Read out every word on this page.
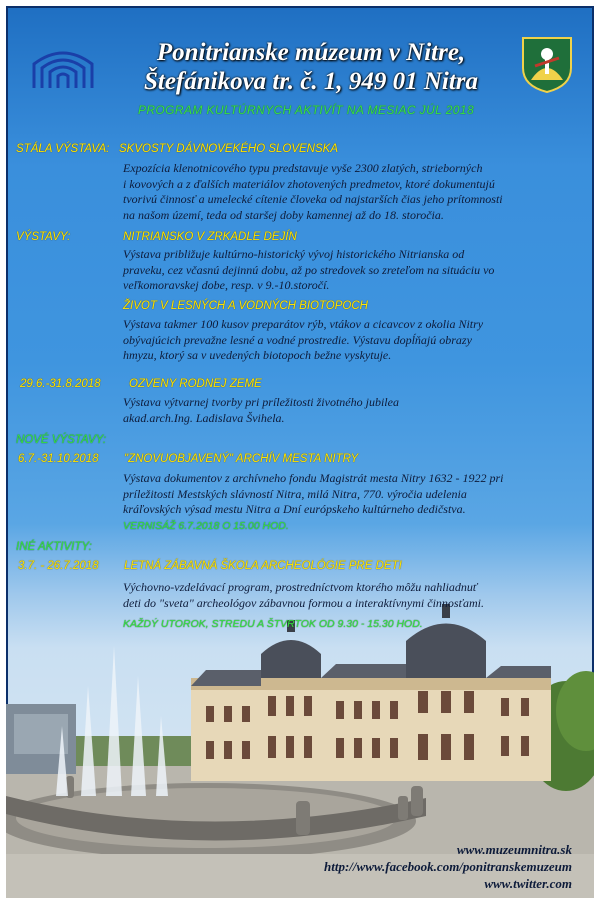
Ponitrianske múzeum v Nitre,
Štefánikova tr. č. 1, 949 01 Nitra
PROGRAM KULTÚRNYCH AKTIVÍT NA MESIAC JÚL 2018
STÁLA VÝSTAVA: SKVOSTY DÁVNOVEKÉHO SLOVENSKA
Expozícia klenotnicového typu predstavuje vyše 2300 zlatých, strieborných
i kovových a z ďalších materiálov zhotovených predmetov, ktoré dokumentujú
tvorivú činnosť a umelecké cítenie človeka od najstarších čias jeho prítomnosti
na našom území, teda od staršej doby kamennej až do 18. storočia.
VÝSTAVY:	NITRIANSKO V ZRKADLE DEJÍN
Výstava približuje kultúrno-historický vývoj historického Nitrianska od
praveku, cez včasnú dejinnú dobu, až po stredovek so zreteľom na situáciu vo
veľkomoravskej dobe, resp. v 9.-10.storočí.
ŽIVOT V LESNÝCH A VODNÝCH BIOTOPOCH
Výstava takmer 100 kusov preparátov rýb, vtákov a cicavcov z okolia Nitry
obývajúcich prevažne lesné a vodné prostredie. Výstavu dopĺňajú obrazy
hmyzu, ktorý sa v uvedených biotopoch bežne vyskytuje.
29.6.-31.8.2018 OZVENY RODNEJ ZEME
Výstava výtvarnej tvorby pri príležitosti životného jubilea
akad.arch.Ing. Ladislava Švihela.
NOVÉ VÝSTAVY:
6.7.-31.10.2018 "ZNOVUOBJAVENÝ" ARCHÍV MESTA NITRY
Výstava dokumentov z archívneho fondu Magistrát mesta Nitry 1632 - 1922 pri
príležitosti Mestských slávností Nitra, milá Nitra, 770. výročia udelenia
kráľovských výsad mestu Nitra a Dní európskeho kultúrneho dedičstva.
VERNISÁŽ 6.7.2018 O 15.00 HOD.
INÉ AKTIVITY:
3.7. - 26.7.2018 LETNÁ ZÁBAVNÁ ŠKOLA ARCHEOLÓGIE PRE DETI
Výchovno-vzdelávací program, prostredníctvom ktorého môžu nahliadnuť
deti do "sveta" archeológov zábavnou formou a interaktívnymi činnosťami.
KAŽDÝ UTOROK, STREDU A ŠTVRTOK OD 9.30 - 15.30 HOD.
www.muzeumnitra.sk
http://www.facebook.com/ponitranskemuzeum
www.twitter.com
